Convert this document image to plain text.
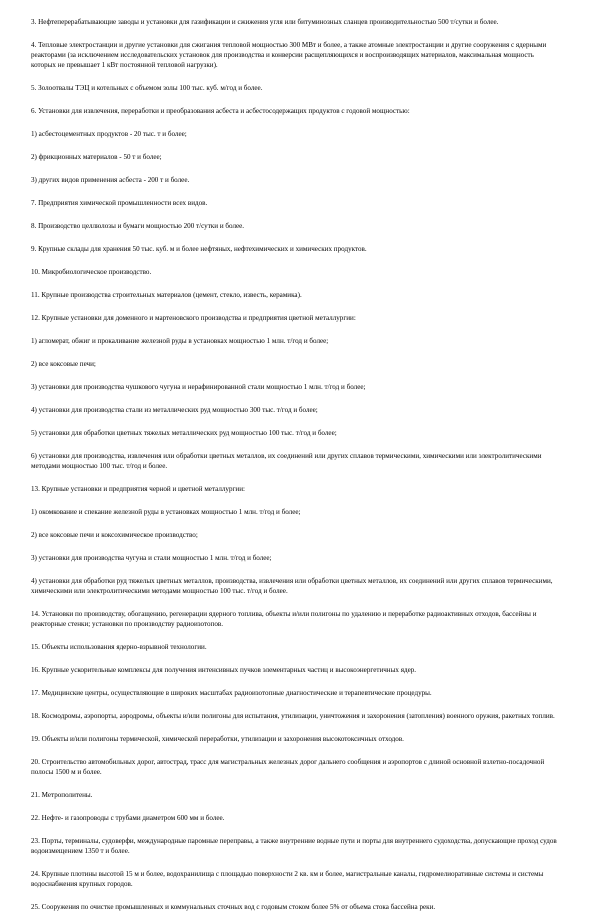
3. Нефтеперерабатывающие заводы и установки для газификации и сжижения угля или битуминозных сланцев производительностью 500 т/сутки и более.

4. Тепловые электростанции и другие установки для сжигания тепловой мощностью 300 МВт и более, а также атомные электростанции и другие сооружения с ядерными реакторами (за исключением исследовательских установок для производства и конверсии расщепляющихся и воспроизводящих материалов, максимальная мощность которых не превышает 1 кВт постоянной тепловой нагрузки).

5. Золоотвалы ТЭЦ и котельных с объемом золы 100 тыс. куб. м/год и более.

6. Установки для извлечения, переработки и преобразования асбеста и асбестосодержащих продуктов с годовой мощностью:

1) асбестоцементных продуктов - 20 тыс. т и более;

2) фрикционных материалов - 50 т и более;

3) других видов применения асбеста - 200 т и более.

7. Предприятия химической промышленности всех видов.

8. Производство целлюлозы и бумаги мощностью 200 т/сутки и более.

9. Крупные склады для хранения 50 тыс. куб. м и более нефтяных, нефтехимических и химических продуктов.

10. Микробиологическое производство.

11. Крупные производства строительных материалов (цемент, стекло, известь, керамика).

12. Крупные установки для доменного и мартеновского производства и предприятия цветной металлургии:

1) агломерат, обжиг и прокаливание железной руды в установках мощностью 1 млн. т/год и более;

2) все коксовые печи;

3) установки для производства чушкового чугуна и нерафинированной стали мощностью 1 млн. т/год и более;

4) установки для производства стали из металлических руд мощностью 300 тыс. т/год и более;

5) установки для обработки цветных тяжелых металлических руд мощностью 100 тыс. т/год и более;

6) установки для производства, извлечения или обработки цветных металлов, их соединений или других сплавов термическими, химическими или электролитическими методами мощностью 100 тыс. т/год и более.

13. Крупные установки и предприятия черной и цветной металлургии:

1) окомкование и спекание железной руды в установках мощностью 1 млн. т/год и более;

2) все коксовые печи и коксохимическое производство;

3) установки для производства чугуна и стали мощностью 1 млн. т/год и более;

4) установки для обработки руд тяжелых цветных металлов, производства, извлечения или обработки цветных металлов, их соединений или других сплавов термическими, химическими или электролитическими методами мощностью 100 тыс. т/год и более.

14. Установки по производству, обогащению, регенерации ядерного топлива, объекты и/или полигоны по удалению и переработке радиоактивных отходов, бассейны и реакторные стенки; установки по производству радиоизотопов.

15. Объекты использования ядерно-взрывной технологии.

16. Крупные ускорительные комплексы для получения интенсивных пучков элементарных частиц и высокоэнергетичных ядер.

17. Медицинские центры, осуществляющие в широких масштабах радиоизотопные диагностические и терапевтические процедуры.

18. Космодромы, аэропорты, аэродромы, объекты и/или полигоны для испытания, утилизации, уничтожения и захоронения (затопления) военного оружия, ракетных топлив.

19. Объекты и/или полигоны термической, химической переработки, утилизации и захоронения высокотоксичных отходов.

20. Строительство автомобильных дорог, автострад, трасс для магистральных железных дорог дальнего сообщения и аэропортов с длиной основной взлетно-посадочной полосы 1500 м и более.

21. Метрополитены.

22. Нефте- и газопроводы с трубами диаметром 600 мм и более.

23. Порты, терминалы, судоверфи, международные паромные переправы, а также внутренние водные пути и порты для внутреннего судоходства, допускающие проход судов водоизмещением 1350 т и более.

24. Крупные плотины высотой 15 м и более, водохранилища с площадью поверхности 2 кв. км и более, магистральные каналы, гидромелиоративные системы и системы водоснабжения крупных городов.

25. Сооружения по очистке промышленных и коммунальных сточных вод с годовым стоком более 5% от объема стока бассейна реки.
